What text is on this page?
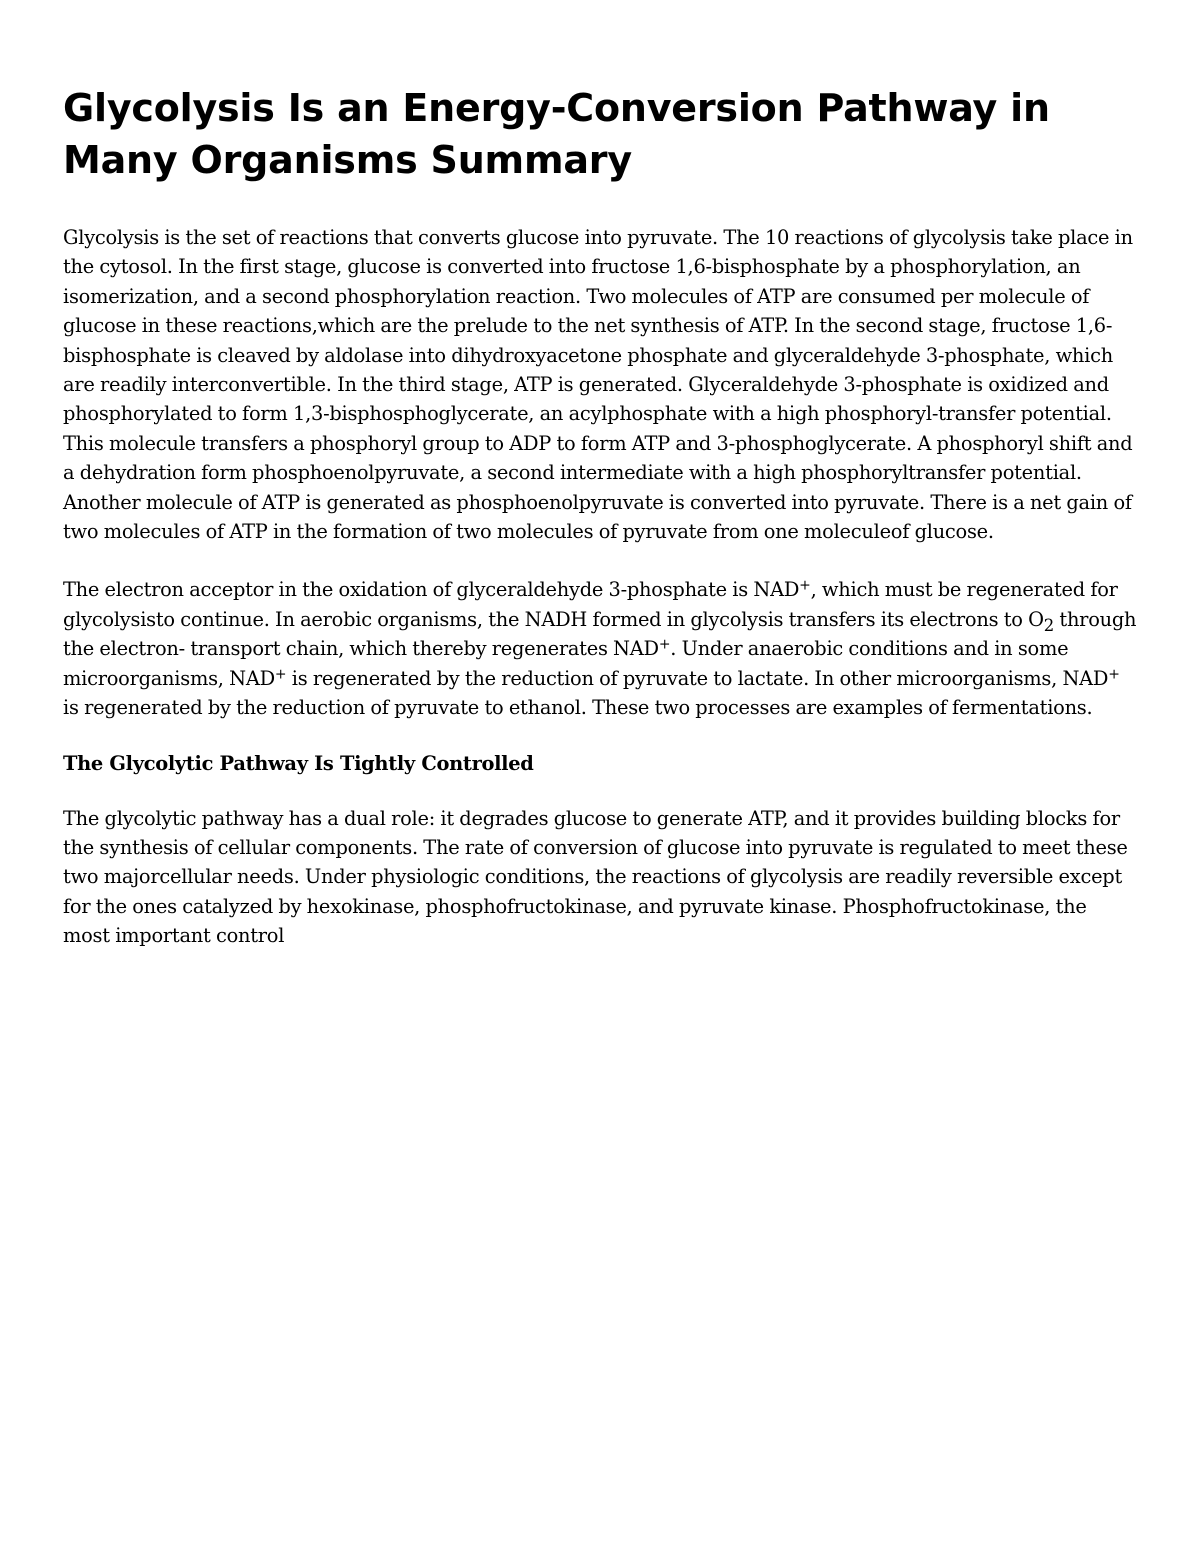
Glycolysis Is an Energy-Conversion Pathway in Many Organisms Summary

Glycolysis is the set of reactions that converts glucose into pyruvate. The 10 reactions of glycolysis take place in the cytosol. In the first stage, glucose is converted into fructose 1,6-bisphosphate by a phosphorylation, an isomerization, and a second phosphorylation reaction. Two molecules of ATP are consumed per molecule of glucose in these reactions,which are the prelude to the net synthesis of ATP. In the second stage, fructose 1,6-bisphosphate is cleaved by aldolase into dihydroxyacetone phosphate and glyceraldehyde 3-phosphate, which are readily interconvertible. In the third stage, ATP is generated. Glyceraldehyde 3-phosphate is oxidized and phosphorylated to form 1,3-bisphosphoglycerate, an acylphosphate with a high phosphoryl-transfer potential. This molecule transfers a phosphoryl group to ADP to form ATP and 3-phosphoglycerate. A phosphoryl shift and a dehydration form phosphoenolpyruvate, a second intermediate with a high phosphoryltransfer potential. Another molecule of ATP is generated as phosphoenolpyruvate is converted into pyruvate. There is a net gain of two molecules of ATP in the formation of two molecules of pyruvate from one moleculeof glucose.

The electron acceptor in the oxidation of glyceraldehyde 3-phosphate is NAD+, which must be regenerated for glycolysisto continue. In aerobic organisms, the NADH formed in glycolysis transfers its electrons to $O_2$ through the electron- transport chain, which thereby regenerates NAD+. Under anaerobic conditions and in some microorganisms, NAD+ is regenerated by the reduction of pyruvate to lactate. In other microorganisms, NAD+ is regenerated by the reduction of pyruvate to ethanol. These two processes are examples of fermentations.

The Glycolytic Pathway Is Tightly Controlled

The glycolytic pathway has a dual role: it degrades glucose to generate ATP, and it provides building blocks for the synthesis of cellular components. The rate of conversion of glucose into pyruvate is regulated to meet these two majorcellular needs. Under physiologic conditions, the reactions of glycolysis are readily reversible except for the ones catalyzed by hexokinase, phosphofructokinase, and pyruvate kinase. Phosphofructokinase, the most important control
